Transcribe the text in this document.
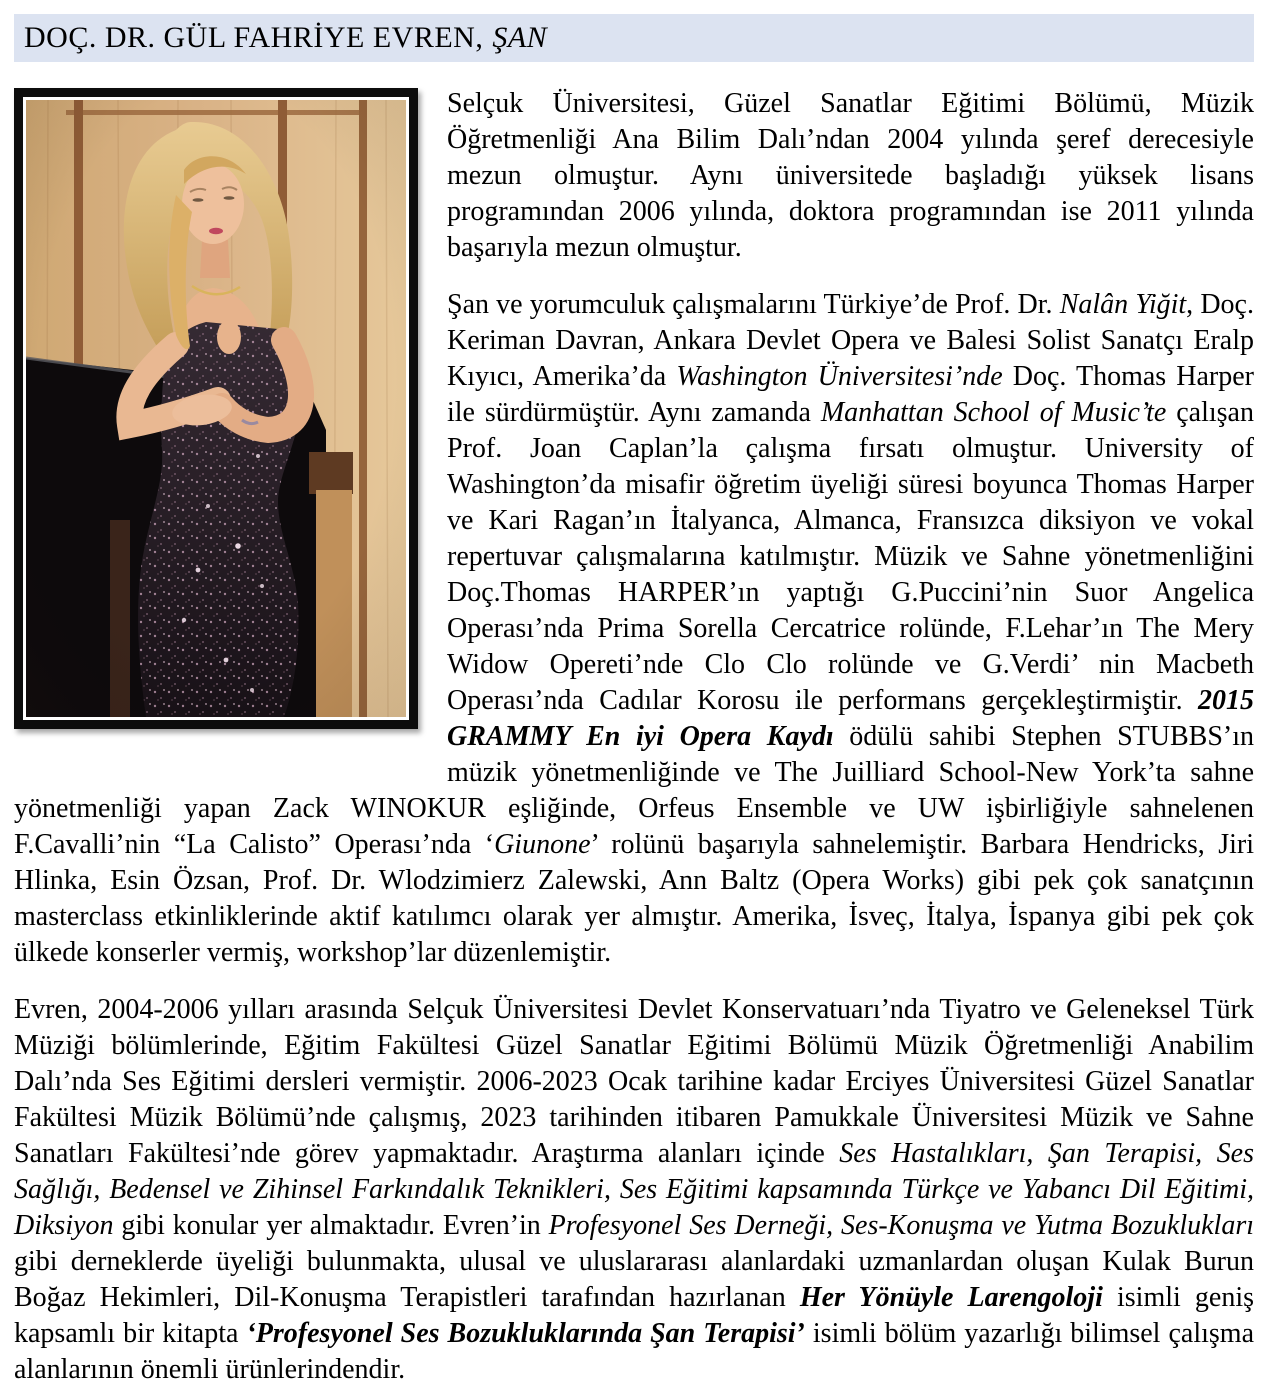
DOÇ. DR. GÜL FAHRİYE EVREN, ŞAN

Selçuk Üniversitesi, Güzel Sanatlar Eğitimi Bölümü, Müzik Öğretmenliği Ana Bilim Dalı’ndan 2004 yılında şeref derecesiyle mezun olmuştur. Aynı üniversitede başladığı yüksek lisans programından 2006 yılında, doktora programından ise 2011 yılında başarıyla mezun olmuştur.

Şan ve yorumculuk çalışmalarını Türkiye’de Prof. Dr. Nalân Yiğit, Doç. Keriman Davran, Ankara Devlet Opera ve Balesi Solist Sanatçı Eralp Kıyıcı, Amerika’da Washington Üniversitesi’nde Doç. Thomas Harper ile sürdürmüştür. Aynı zamanda Manhattan School of Music’te çalışan Prof. Joan Caplan’la çalışma fırsatı olmuştur. University of Washington’da misafir öğretim üyeliği süresi boyunca Thomas Harper ve Kari Ragan’ın İtalyanca, Almanca, Fransızca diksiyon ve vokal repertuvar çalışmalarına katılmıştır. Müzik ve Sahne yönetmenliğini Doç.Thomas HARPER’ın yaptığı G.Puccini’nin Suor Angelica Operası’nda Prima Sorella Cercatrice rolünde, F.Lehar’ın The Mery Widow Opereti’nde Clo Clo rolünde ve G.Verdi’ nin Macbeth Operası’nda Cadılar Korosu ile performans gerçekleştirmiştir. 2015 GRAMMY En iyi Opera Kaydı ödülü sahibi Stephen STUBBS’ın müzik yönetmenliğinde ve The Juilliard School-New York’ta sahne yönetmenliği yapan Zack WINOKUR eşliğinde, Orfeus Ensemble ve UW işbirliğiyle sahnelenen F.Cavalli’nin “La Calisto” Operası’nda ‘Giunone’ rolünü başarıyla sahnelemiştir. Barbara Hendricks, Jiri Hlinka, Esin Özsan, Prof. Dr. Wlodzimierz Zalewski, Ann Baltz (Opera Works) gibi pek çok sanatçının masterclass etkinliklerinde aktif katılımcı olarak yer almıştır. Amerika, İsveç, İtalya, İspanya gibi pek çok ülkede konserler vermiş, workshop’lar düzenlemiştir.

Evren, 2004-2006 yılları arasında Selçuk Üniversitesi Devlet Konservatuarı’nda Tiyatro ve Geleneksel Türk Müziği bölümlerinde, Eğitim Fakültesi Güzel Sanatlar Eğitimi Bölümü Müzik Öğretmenliği Anabilim Dalı’nda Ses Eğitimi dersleri vermiştir. 2006-2023 Ocak tarihine kadar Erciyes Üniversitesi Güzel Sanatlar Fakültesi Müzik Bölümü’nde çalışmış, 2023 tarihinden itibaren Pamukkale Üniversitesi Müzik ve Sahne Sanatları Fakültesi’nde görev yapmaktadır. Araştırma alanları içinde Ses Hastalıkları, Şan Terapisi, Ses Sağlığı, Bedensel ve Zihinsel Farkındalık Teknikleri, Ses Eğitimi kapsamında Türkçe ve Yabancı Dil Eğitimi, Diksiyon gibi konular yer almaktadır. Evren’in Profesyonel Ses Derneği, Ses-Konuşma ve Yutma Bozuklukları gibi derneklerde üyeliği bulunmakta, ulusal ve uluslararası alanlardaki uzmanlardan oluşan Kulak Burun Boğaz Hekimleri, Dil-Konuşma Terapistleri tarafından hazırlanan Her Yönüyle Larengoloji isimli geniş kapsamlı bir kitapta ‘Profesyonel Ses Bozukluklarında Şan Terapisi’ isimli bölüm yazarlığı bilimsel çalışma alanlarının önemli ürünlerindendir.
